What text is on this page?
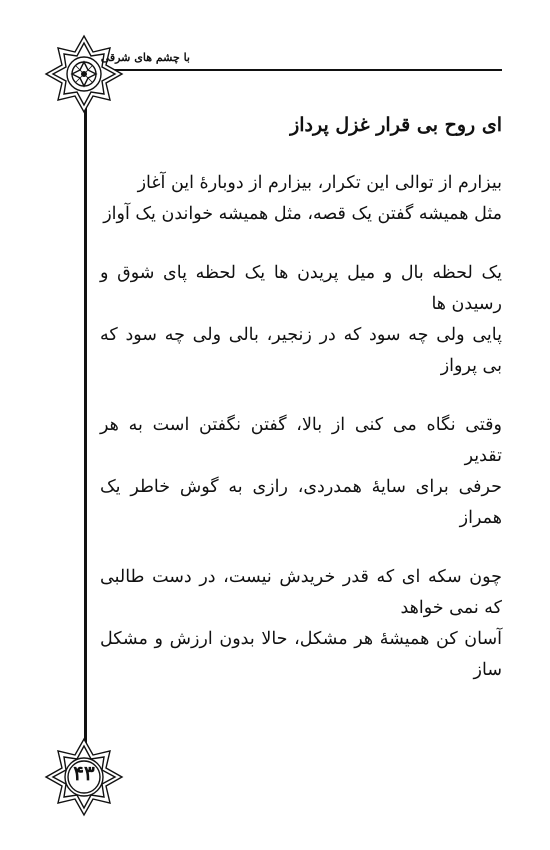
با چشم های شرقی
ای روح بی قرار غزل پرداز

بیزارم از توالی این تکرار، بیزارم از دوبارهٔ این آغاز

مثل همیشه گفتن یک قصه، مثل همیشه خواندن یک آواز

یک لحظه بال و میل پریدن ها یک لحظه پای شوق و رسیدن ها

پایی ولی چه سود که در زنجیر، بالی ولی چه سود که بی پرواز

وقتی نگاه می کنی از بالا، گفتن نگفتن است به هر تقدیر

حرفی برای سایهٔ همدردی، رازی به گوش خاطر یک همراز

چون سکه ای که قدر خریدش نیست، در دست طالبی که نمی خواهد

آسان کن همیشهٔ هر مشکل، حالا بدون ارزش و مشکل ساز

۴۳
